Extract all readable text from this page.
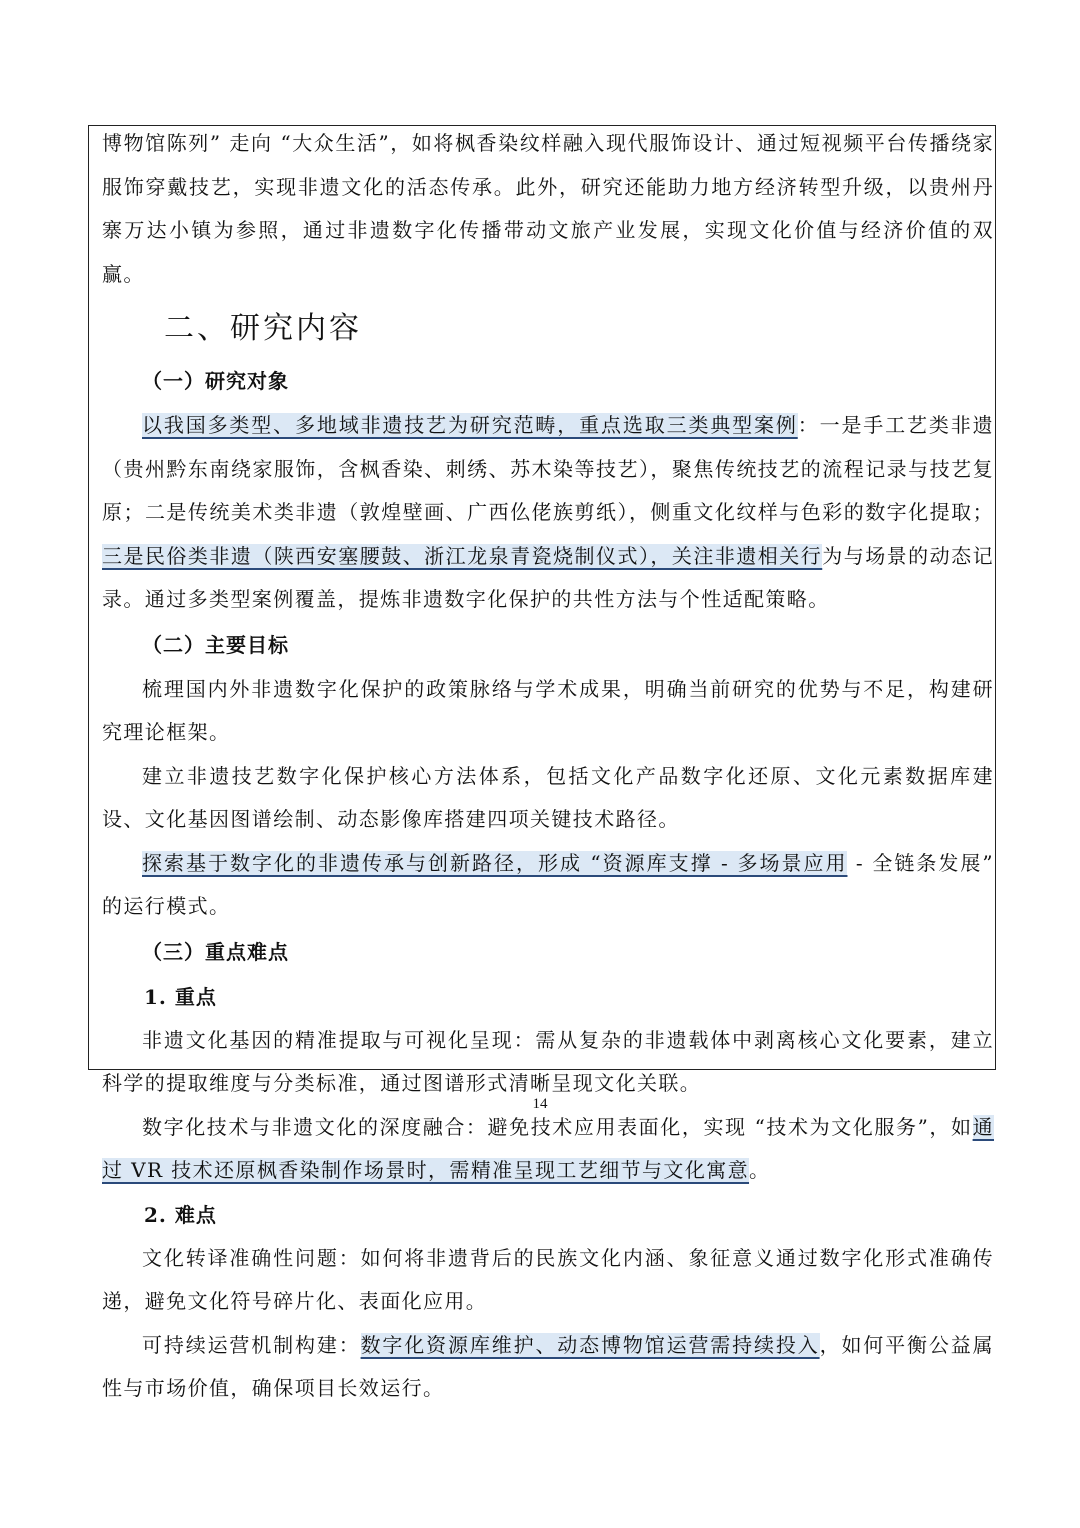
博物馆陈列” 走向 “大众生活”，如将枫香染纹样融入现代服饰设计、通过短视频平台传播绕家服饰穿戴技艺，实现非遗文化的活态传承。此外，研究还能助力地方经济转型升级，以贵州丹寨万达小镇为参照，通过非遗数字化传播带动文旅产业发展，实现文化价值与经济价值的双赢。

二、研究内容
（一）研究对象

以我国多类型、多地域非遗技艺为研究范畴，重点选取三类典型案例：一是手工艺类非遗（贵州黔东南绕家服饰，含枫香染、刺绣、苏木染等技艺），聚焦传统技艺的流程记录与技艺复原；二是传统美术类非遗（敦煌壁画、广西仫佬族剪纸），侧重文化纹样与色彩的数字化提取；三是民俗类非遗（陕西安塞腰鼓、浙江龙泉青瓷烧制仪式），关注非遗相关行为与场景的动态记录。通过多类型案例覆盖，提炼非遗数字化保护的共性方法与个性适配策略。

（二）主要目标

梳理国内外非遗数字化保护的政策脉络与学术成果，明确当前研究的优势与不足，构建研究理论框架。

建立非遗技艺数字化保护核心方法体系，包括文化产品数字化还原、文化元素数据库建设、文化基因图谱绘制、动态影像库搭建四项关键技术路径。

探索基于数字化的非遗传承与创新路径，形成 “资源库支撑 - 多场景应用 - 全链条发展” 的运行模式。

（三）重点难点
1. 重点

非遗文化基因的精准提取与可视化呈现：需从复杂的非遗载体中剥离核心文化要素，建立科学的提取维度与分类标准，通过图谱形式清晰呈现文化关联。

数字化技术与非遗文化的深度融合：避免技术应用表面化，实现 “技术为文化服务”，如通过 VR 技术还原枫香染制作场景时，需精准呈现工艺细节与文化寓意。

2. 难点

文化转译准确性问题：如何将非遗背后的民族文化内涵、象征意义通过数字化形式准确传递，避免文化符号碎片化、表面化应用。

可持续运营机制构建：数字化资源库维护、动态博物馆运营需持续投入，如何平衡公益属性与市场价值，确保项目长效运行。

14
